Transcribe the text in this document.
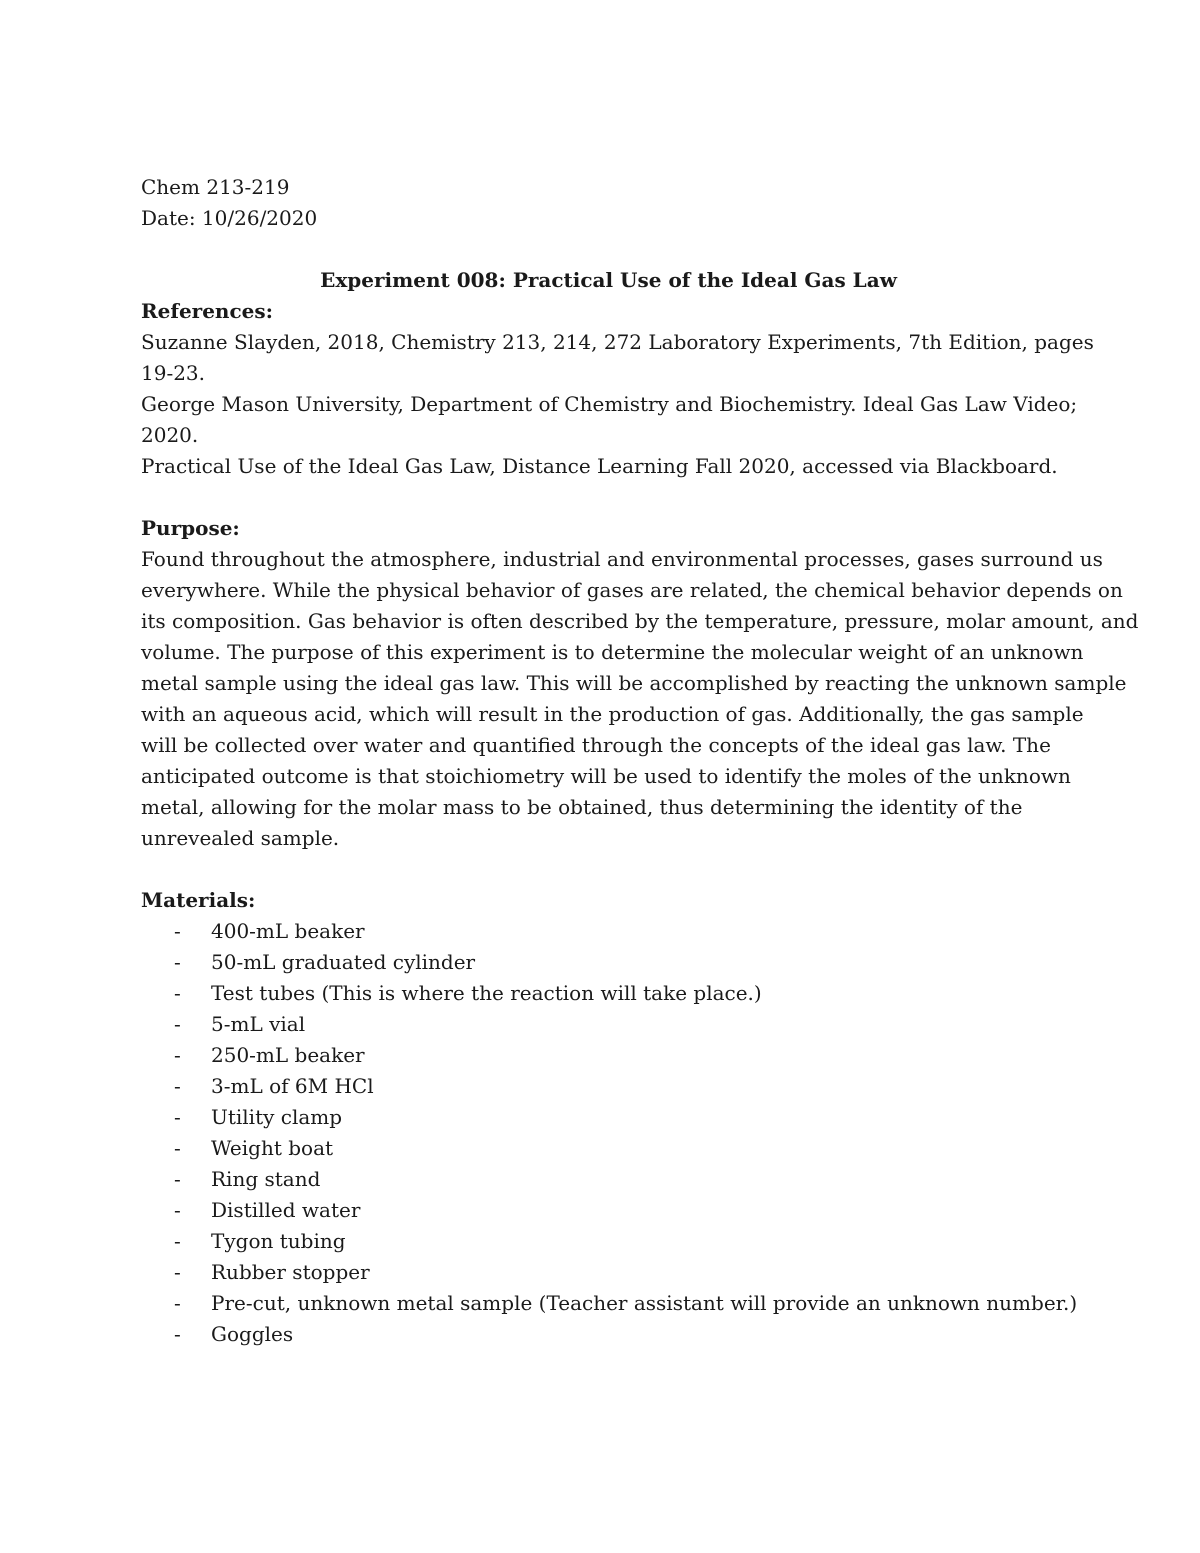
Chem 213-219
Date: 10/26/2020
Experiment 008: Practical Use of the Ideal Gas Law
References:
Suzanne Slayden, 2018, Chemistry 213, 214, 272 Laboratory Experiments, 7th Edition, pages
19-23.
George Mason University, Department of Chemistry and Biochemistry. Ideal Gas Law Video;
2020.
Practical Use of the Ideal Gas Law, Distance Learning Fall 2020, accessed via Blackboard.
Purpose:
Found throughout the atmosphere, industrial and environmental processes, gases surround us
everywhere. While the physical behavior of gases are related, the chemical behavior depends on
its composition. Gas behavior is often described by the temperature, pressure, molar amount, and
volume. The purpose of this experiment is to determine the molecular weight of an unknown
metal sample using the ideal gas law. This will be accomplished by reacting the unknown sample
with an aqueous acid, which will result in the production of gas. Additionally, the gas sample
will be collected over water and quantified through the concepts of the ideal gas law. The
anticipated outcome is that stoichiometry will be used to identify the moles of the unknown
metal, allowing for the molar mass to be obtained, thus determining the identity of the
unrevealed sample.
Materials:
- 400-mL beaker
- 50-mL graduated cylinder
- Test tubes (This is where the reaction will take place.)
- 5-mL vial
- 250-mL beaker
- 3-mL of 6M HCl
- Utility clamp
- Weight boat
- Ring stand
- Distilled water
- Tygon tubing
- Rubber stopper
- Pre-cut, unknown metal sample (Teacher assistant will provide an unknown number.)
- Goggles
